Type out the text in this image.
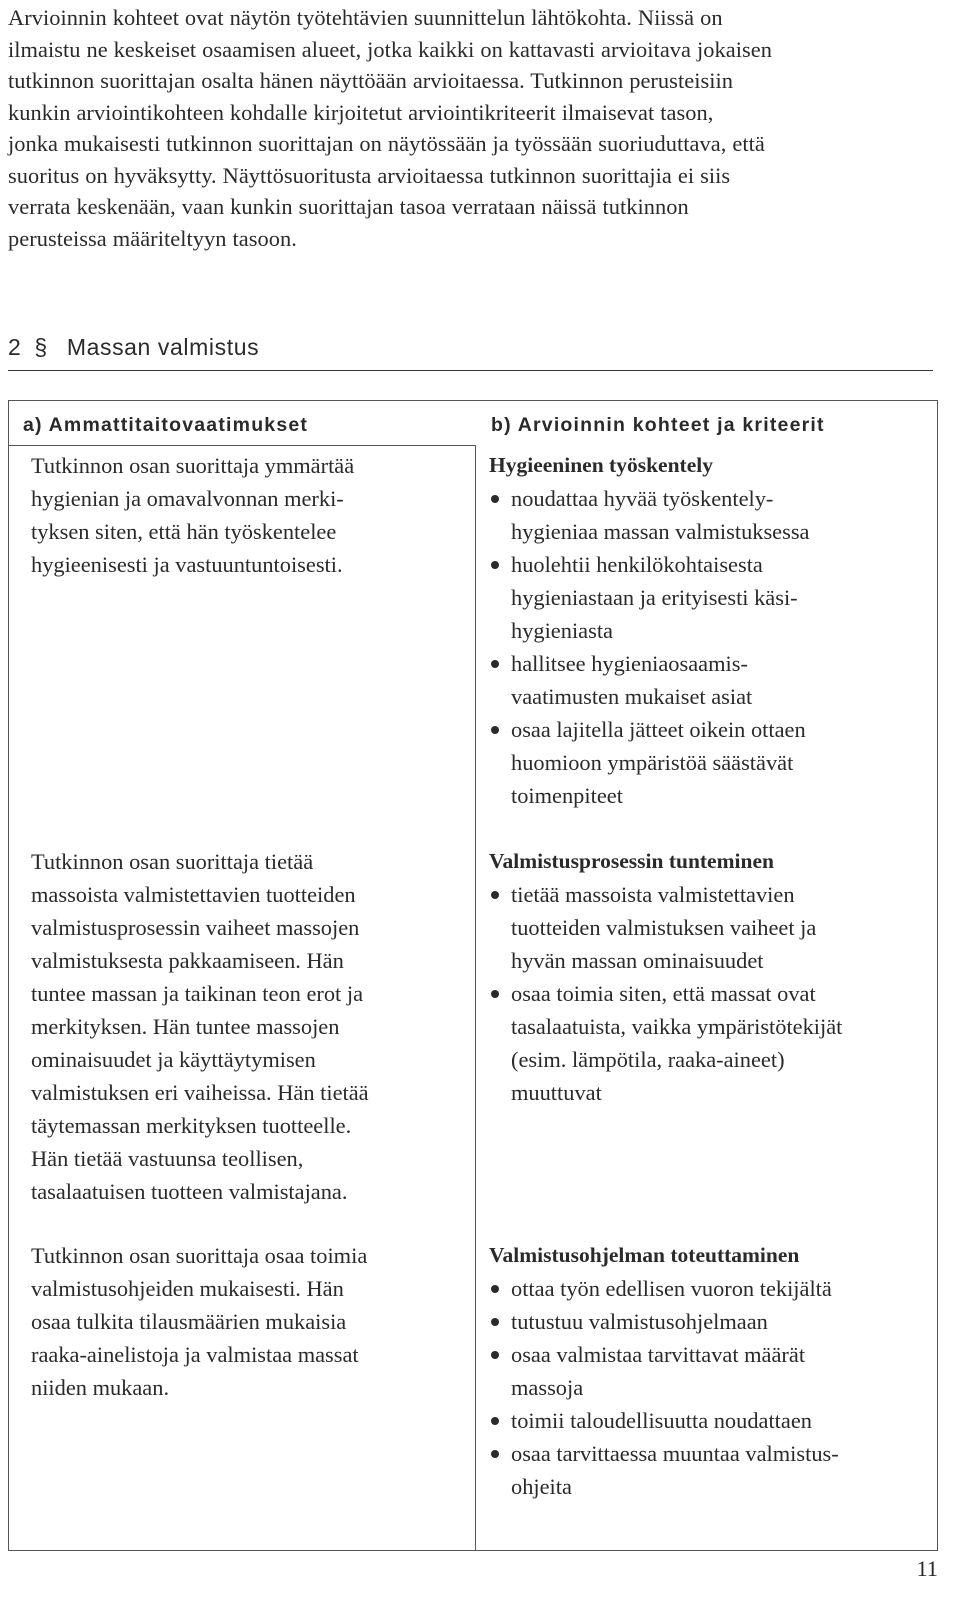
Arvioinnin kohteet ovat näytön työtehtävien suunnittelun lähtökohta. Niissä on
ilmaistu ne keskeiset osaamisen alueet, jotka kaikki on kattavasti arvioitava jokaisen
tutkinnon suorittajan osalta hänen näyttöään arvioitaessa. Tutkinnon perusteisiin
kunkin arviointikohteen kohdalle kirjoitetut arviointikriteerit ilmaisevat tason,
jonka mukaisesti tutkinnon suorittajan on näytössään ja työssään suoriuduttava, että
suoritus on hyväksytty. Näyttösuoritusta arvioitaessa tutkinnon suorittajia ei siis
verrata keskenään, vaan kunkin suorittajan tasoa verrataan näissä tutkinnon
perusteissa määriteltyyn tasoon.

2 § Massan valmistus
a) Ammattitaitovaatimukset	b) Arvioinnin kohteet ja kriteerit
Tutkinnon osan suorittaja ymmärtää
hygienian ja omavalvonnan merki-
tyksen siten, että hän työskentelee
hygieenisesti ja vastuuntuntoisesti.
Hygieeninen työskentely
noudattaa hyvää työskentely-
hygieniaa massan valmistuksessa
huolehtii henkilökohtaisesta
hygieniastaan ja erityisesti käsi-
hygieniasta
hallitsee hygieniaosaamis-
vaatimusten mukaiset asiat
osaa lajitella jätteet oikein ottaen
huomioon ympäristöä säästävät
toimenpiteet
Tutkinnon osan suorittaja tietää
massoista valmistettavien tuotteiden
valmistusprosessin vaiheet massojen
valmistuksesta pakkaamiseen. Hän
tuntee massan ja taikinan teon erot ja
merkityksen. Hän tuntee massojen
ominaisuudet ja käyttäytymisen
valmistuksen eri vaiheissa. Hän tietää
täytemassan merkityksen tuotteelle.
Hän tietää vastuunsa teollisen,
tasalaatuisen tuotteen valmistajana.
Valmistusprosessin tunteminen
tietää massoista valmistettavien
tuotteiden valmistuksen vaiheet ja
hyvän massan ominaisuudet
osaa toimia siten, että massat ovat
tasalaatuista, vaikka ympäristötekijät
(esim. lämpötila, raaka-aineet)
muuttuvat
Tutkinnon osan suorittaja osaa toimia
valmistusohjeiden mukaisesti. Hän
osaa tulkita tilausmäärien mukaisia
raaka-ainelistoja ja valmistaa massat
niiden mukaan.
Valmistusohjelman toteuttaminen
ottaa työn edellisen vuoron tekijältä
tutustuu valmistusohjelmaan
osaa valmistaa tarvittavat määrät
massoja
toimii taloudellisuutta noudattaen
osaa tarvittaessa muuntaa valmistus-
ohjeita
11
